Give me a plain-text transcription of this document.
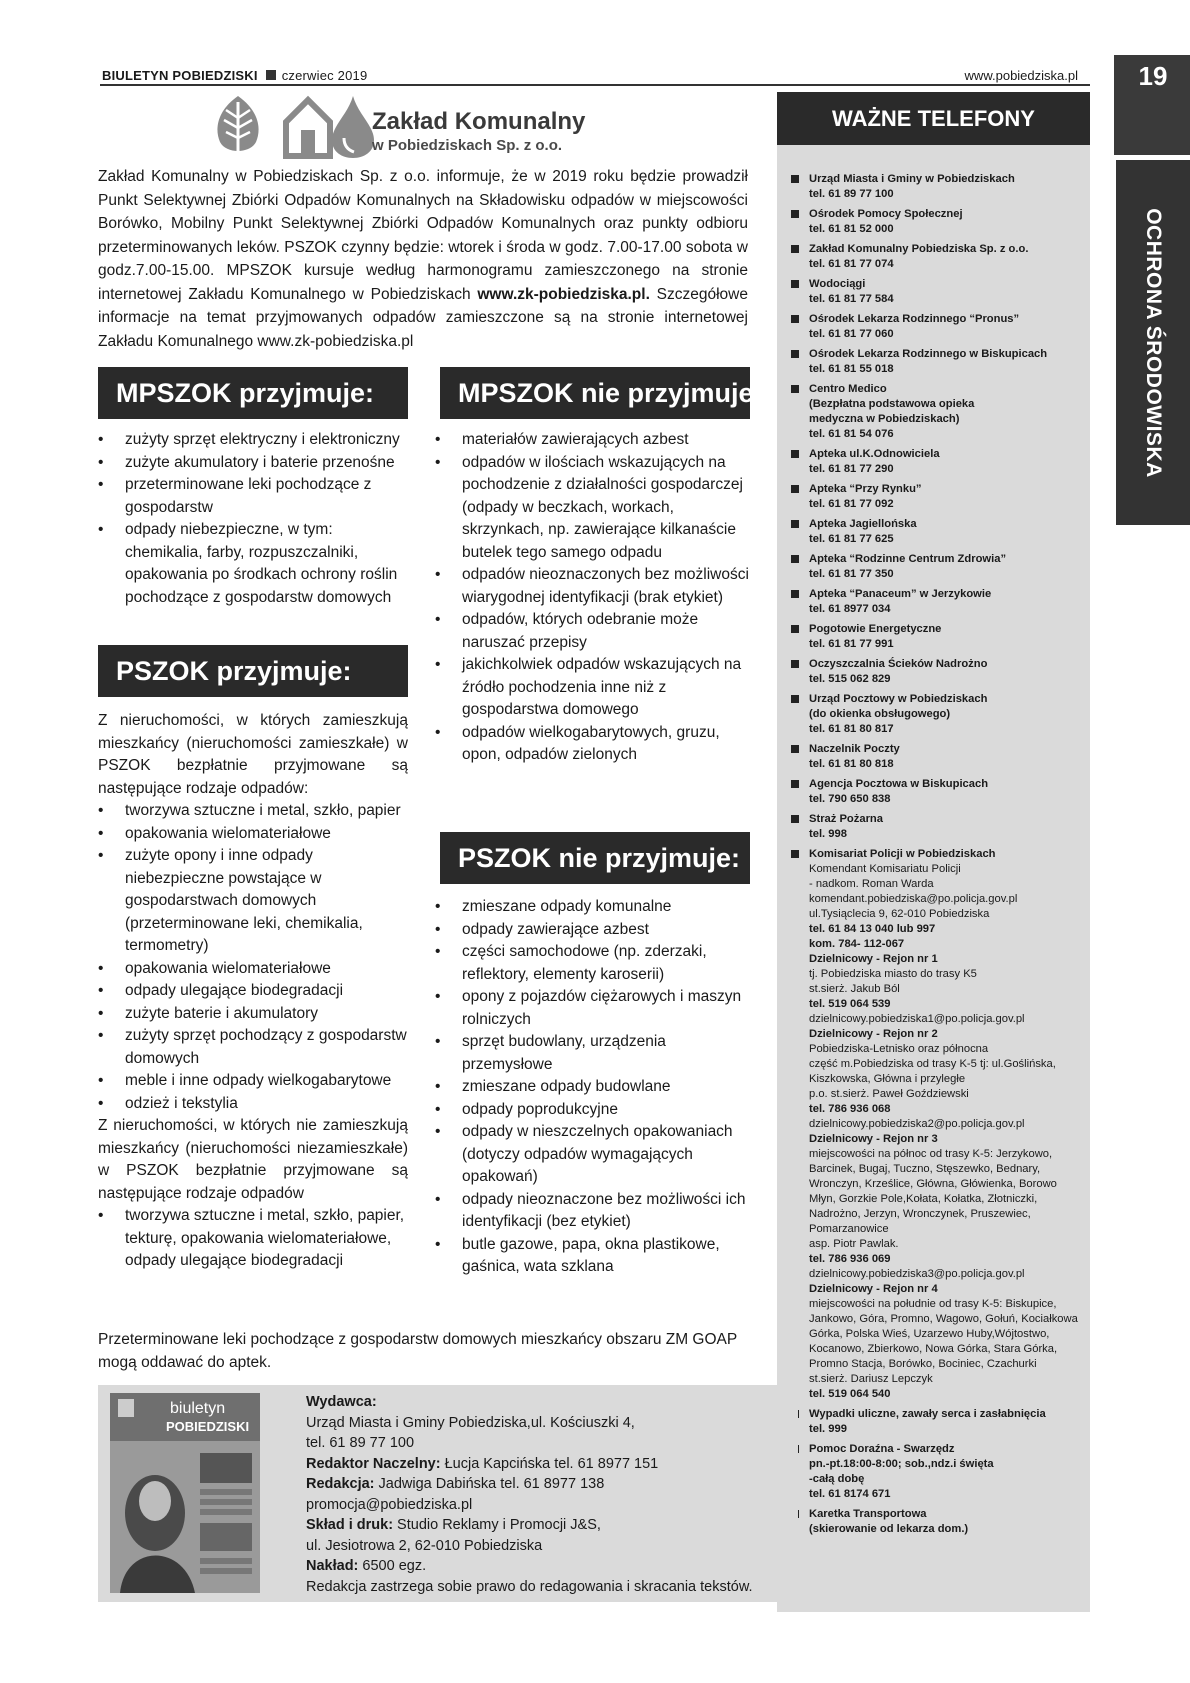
BIULETYN POBIEDZISKI czerwiec 2019	www.pobiedziska.pl	19
OCHRONA ŚRODOWISKA
Zakład Komunalny
w Pobiedziskach Sp. z o.o.
Zakład Komunalny w Pobiedziskach Sp. z o.o. informuje, że w 2019 roku będzie prowadził Punkt Selektywnej Zbiórki Odpadów Komunalnych na Składowisku odpadów w miejscowości Borówko, Mobilny Punkt Selektywnej Zbiórki Odpadów Komunalnych oraz punkty odbioru przeterminowanych leków. PSZOK czynny będzie: wtorek i środa w godz. 7.00-17.00 sobota w godz.7.00-15.00. MPSZOK kursuje według harmonogramu zamieszczonego na stronie internetowej Zakładu Komunalnego w Pobiedziskach www.zk-pobiedziska.pl. Szczegółowe informacje na temat przyjmowanych odpadów zamieszczone są na stronie internetowej Zakładu Komunalnego www.zk-pobiedziska.pl
MPSZOK przyjmuje:
• zużyty sprzęt elektryczny i elektroniczny
• zużyte akumulatory i baterie przenośne
• przeterminowane leki pochodzące z gospodarstw
• odpady niebezpieczne, w tym: chemikalia, farby, rozpuszczalniki, opakowania po środkach ochrony roślin pochodzące z gospodarstw domowych
MPSZOK nie przyjmuje:
• materiałów zawierających azbest
• odpadów w ilościach wskazujących na pochodzenie z działalności gospodarczej (odpady w beczkach, workach, skrzynkach, np. zawierające kilkanaście butelek tego samego odpadu
• odpadów nieoznaczonych bez możliwości wiarygodnej identyfikacji (brak etykiet)
• odpadów, których odebranie może naruszać przepisy
• jakichkolwiek odpadów wskazujących na źródło pochodzenia inne niż z gospodarstwa domowego
• odpadów wielkogabarytowych, gruzu, opon, odpadów zielonych
PSZOK przyjmuje:

Z nieruchomości, w których zamieszkują mieszkańcy (nieruchomości zamieszkałe) w PSZOK bezpłatnie przyjmowane są następujące rodzaje odpadów:

• tworzywa sztuczne i metal, szkło, papier
• opakowania wielomateriałowe
• zużyte opony i inne odpady niebezpieczne powstające w gospodarstwach domowych (przeterminowane leki, chemikalia, termometry)
• opakowania wielomateriałowe
• odpady ulegające biodegradacji
• zużyte baterie i akumulatory
• zużyty sprzęt pochodzący z gospodarstw domowych
• meble i inne odpady wielkogabarytowe
• odzież i tekstylia

Z nieruchomości, w których nie zamieszkują mieszkańcy (nieruchomości niezamieszkałe) w PSZOK bezpłatnie przyjmowane są następujące rodzaje odpadów

• tworzywa sztuczne i metal, szkło, papier, tekturę, opakowania wielomateriałowe, odpady ulegające biodegradacji
PSZOK nie przyjmuje:
• zmieszane odpady komunalne
• odpady zawierające azbest
• części samochodowe (np. zderzaki, reflektory, elementy karoserii)
• opony z pojazdów ciężarowych i maszyn rolniczych
• sprzęt budowlany, urządzenia przemysłowe
• zmieszane odpady budowlane
• odpady poprodukcyjne
• odpady w nieszczelnych opakowaniach (dotyczy odpadów wymagających opakowań)
• odpady nieoznaczone bez możliwości ich identyfikacji (bez etykiet)
• butle gazowe, papa, okna plastikowe, gaśnica, wata szklana
WAŻNE TELEFONY
Urząd Miasta i Gminy w Pobiedziskach
tel. 61 89 77 100
Ośrodek Pomocy Społecznej
tel. 61 81 52 000
Zakład Komunalny Pobiedziska Sp. z o.o.
tel. 61 81 77 074
Wodociągi
tel. 61 81 77 584
Ośrodek Lekarza Rodzinnego “Pronus”
tel. 61 81 77 060
Ośrodek Lekarza Rodzinnego w Biskupicach
tel. 61 81 55 018
Centro Medico
(Bezpłatna podstawowa opieka
medyczna w Pobiedziskach)
tel. 61 81 54 076
Apteka ul.K.Odnowiciela
tel. 61 81 77 290
Apteka “Przy Rynku”
tel. 61 81 77 092
Apteka Jagiellońska
tel. 61 81 77 625
Apteka “Rodzinne Centrum Zdrowia”
tel. 61 81 77 350
Apteka “Panaceum” w Jerzykowie
tel. 61 8977 034
Pogotowie Energetyczne
tel. 61 81 77 991
Oczyszczalnia Ścieków Nadrożno
tel. 515 062 829
Urząd Pocztowy w Pobiedziskach
(do okienka obsługowego)
tel. 61 81 80 817
Naczelnik Poczty
tel. 61 81 80 818
Agencja Pocztowa w Biskupicach
tel. 790 650 838
Straż Pożarna
tel. 998
Komisariat Policji w Pobiedziskach
Komendant Komisariatu Policji
- nadkom. Roman Warda
komendant.pobiedziska@po.policja.gov.pl
ul.Tysiąclecia 9, 62-010 Pobiedziska
tel. 61 84 13 040 lub 997
kom. 784- 112-067
Dzielnicowy - Rejon nr 1
tj. Pobiedziska miasto do trasy K5
st.sierż. Jakub Ból
tel. 519 064 539
dzielnicowy.pobiedziska1@po.policja.gov.pl
Dzielnicowy - Rejon nr 2
Pobiedziska-Letnisko oraz północna
część m.Pobiedziska od trasy K-5 tj: ul.Goślińska,
Kiszkowska, Główna i przyległe
p.o. st.sierż. Paweł Goździewski
tel. 786 936 068
dzielnicowy.pobiedziska2@po.policja.gov.pl
Dzielnicowy - Rejon nr 3
miejscowości na północ od trasy K-5: Jerzykowo,
Barcinek, Bugaj, Tuczno, Stęszewko, Bednary,
Wronczyn, Krześlice, Główna, Główienka, Borowo
Młyn, Gorzkie Pole,Kołata, Kołatka, Złotniczki,
Nadrożno, Jerzyn, Wronczynek, Pruszewiec,
Pomarzanowice
asp. Piotr Pawlak.
tel. 786 936 069
dzielnicowy.pobiedziska3@po.policja.gov.pl
Dzielnicowy - Rejon nr 4
miejscowości na południe od trasy K-5: Biskupice,
Jankowo, Góra, Promno, Wagowo, Gołuń, Kociałkowa
Górka, Polska Wieś, Uzarzewo Huby,Wójtostwo,
Kocanowo, Zbierkowo, Nowa Górka, Stara Górka,
Promno Stacja, Borówko, Bociniec, Czachurki
st.sierż. Dariusz Lepczyk
tel. 519 064 540
Wypadki uliczne, zawały serca i zasłabnięcia
tel. 999
Pomoc Doraźna - Swarzędz
pn.-pt.18:00-8:00; sob.,ndz.i święta
-całą dobę
tel. 61 8174 671
Karetka Transportowa
(skierowanie od lekarza dom.)
Przeterminowane leki pochodzące z gospodarstw domowych mieszkańcy obszaru ZM GOAP mogą oddawać do aptek.
biuletyn
POBIEDZISKI
Wydawca:
Urząd Miasta i Gminy Pobiedziska,ul. Kościuszki 4,
tel. 61 89 77 100
Redaktor Naczelny: Łucja Kapcińska tel. 61 8977 151
Redakcja: Jadwiga Dabińska tel. 61 8977 138
promocja@pobiedziska.pl
Skład i druk: Studio Reklamy i Promocji J&S,
ul. Jesiotrowa 2, 62-010 Pobiedziska
Nakład: 6500 egz.
Redakcja zastrzega sobie prawo do redagowania i skracania tekstów.
